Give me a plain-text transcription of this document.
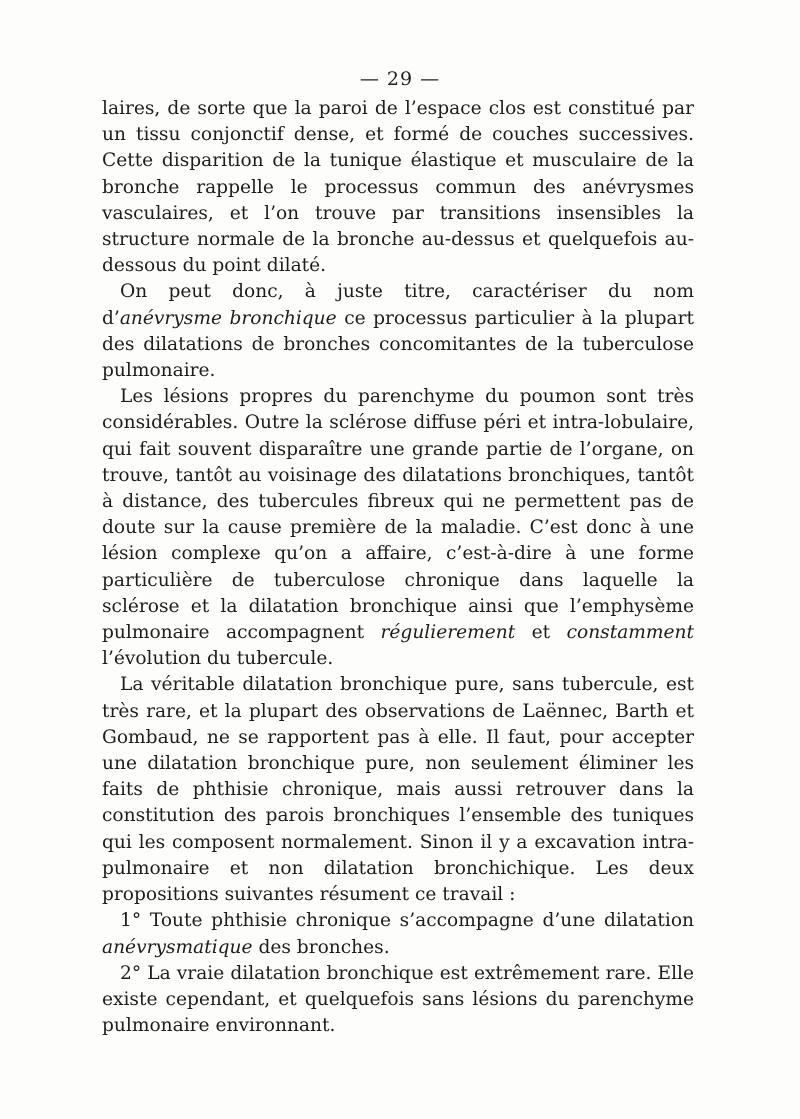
— 29 —

laires, de sorte que la paroi de l’espace clos est constitué par un tissu conjonctif dense, et formé de couches successives. Cette disparition de la tunique élastique et musculaire de la bronche rappelle le processus commun des anévrysmes vasculaires, et l’on trouve par transitions insensibles la structure normale de la bronche au-dessus et quelquefois au-dessous du point dilaté.

On peut donc, à juste titre, caractériser du nom d’anévrysme bronchique ce processus particulier à la plupart des dilatations de bronches concomitantes de la tuberculose pulmonaire.

Les lésions propres du parenchyme du poumon sont très considérables. Outre la sclérose diffuse péri et intra-lobulaire, qui fait souvent disparaître une grande partie de l’organe, on trouve, tantôt au voisinage des dilatations bronchiques, tantôt à distance, des tubercules fibreux qui ne permettent pas de doute sur la cause première de la maladie. C’est donc à une lésion complexe qu’on a affaire, c’est-à-dire à une forme particulière de tuberculose chronique dans laquelle la sclérose et la dilatation bronchique ainsi que l’emphysème pulmonaire accompagnent régulierement et constamment l’évolution du tubercule.

La véritable dilatation bronchique pure, sans tubercule, est très rare, et la plupart des observations de Laënnec, Barth et Gombaud, ne se rapportent pas à elle. Il faut, pour accepter une dilatation bronchique pure, non seulement éliminer les faits de phthisie chronique, mais aussi retrouver dans la constitution des parois bronchiques l’ensemble des tuniques qui les composent normalement. Sinon il y a excavation intra-pulmonaire et non dilatation bronchichique. Les deux propositions suivantes résument ce travail :

1° Toute phthisie chronique s’accompagne d’une dilatation anévrysmatique des bronches.

2° La vraie dilatation bronchique est extrêmement rare. Elle existe cependant, et quelquefois sans lésions du parenchyme pulmonaire environnant.
